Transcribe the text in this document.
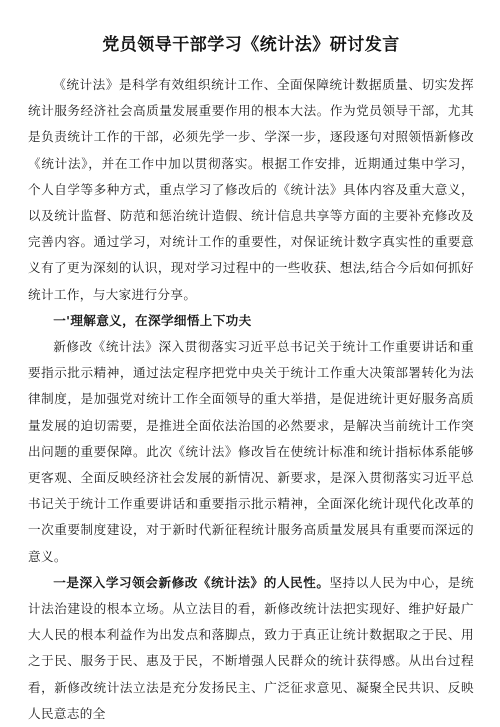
党员领导干部学习《统计法》研讨发言

《统计法》是科学有效组织统计工作、全面保障统计数据质量、切实发挥统计服务经济社会高质量发展重要作用的根本大法。作为党员领导干部，尤其是负责统计工作的干部，必须先学一步、学深一步，逐段逐句对照领悟新修改《统计法》，并在工作中加以贯彻落实。根据工作安排，近期通过集中学习，个人自学等多种方式，重点学习了修改后的《统计法》具体内容及重大意义，以及统计监督、防范和惩治统计造假、统计信息共享等方面的主要补充修改及完善内容。通过学习，对统计工作的重要性，对保证统计数字真实性的重要意义有了更为深刻的认识，现对学习过程中的一些收获、想法,结合今后如何抓好统计工作，与大家进行分享。

一'理解意义，在深学细悟上下功夫

新修改《统计法》深入贯彻落实习近平总书记关于统计工作重要讲话和重要指示批示精神，通过法定程序把党中央关于统计工作重大决策部署转化为法律制度，是加强党对统计工作全面领导的重大举措，是促进统计更好服务高质量发展的迫切需要，是推进全面依法治国的必然要求，是解决当前统计工作突出问题的重要保障。此次《统计法》修改旨在使统计标准和统计指标体系能够更客观、全面反映经济社会发展的新情况、新要求，是深入贯彻落实习近平总书记关于统计工作重要讲话和重要指示批示精神，全面深化统计现代化改革的一次重要制度建设，对于新时代新征程统计服务高质量发展具有重要而深远的意义。

一是深入学习领会新修改《统计法》的人民性。坚持以人民为中心，是统计法治建设的根本立场。从立法目的看，新修改统计法把实现好、维护好最广大人民的根本利益作为出发点和落脚点，致力于真正让统计数据取之于民、用之于民、服务于民、惠及于民，不断增强人民群众的统计获得感。从出台过程看，新修改统计法立法是充分发扬民主、广泛征求意见、凝聚全民共识、反映人民意志的全
